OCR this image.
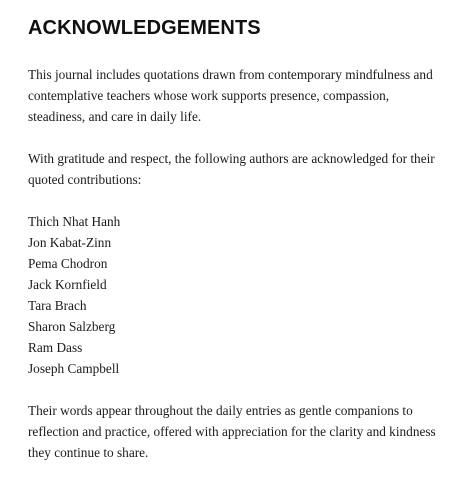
ACKNOWLEDGEMENTS

This journal includes quotations drawn from contemporary mindfulness and contemplative teachers whose work supports presence, compassion, steadiness, and care in daily life.

With gratitude and respect, the following authors are acknowledged for their quoted contributions:

Thich Nhat Hanh
Jon Kabat-Zinn
Pema Chodron
Jack Kornfield
Tara Brach
Sharon Salzberg
Ram Dass
Joseph Campbell

Their words appear throughout the daily entries as gentle companions to reflection and practice, offered with appreciation for the clarity and kindness they continue to share.
